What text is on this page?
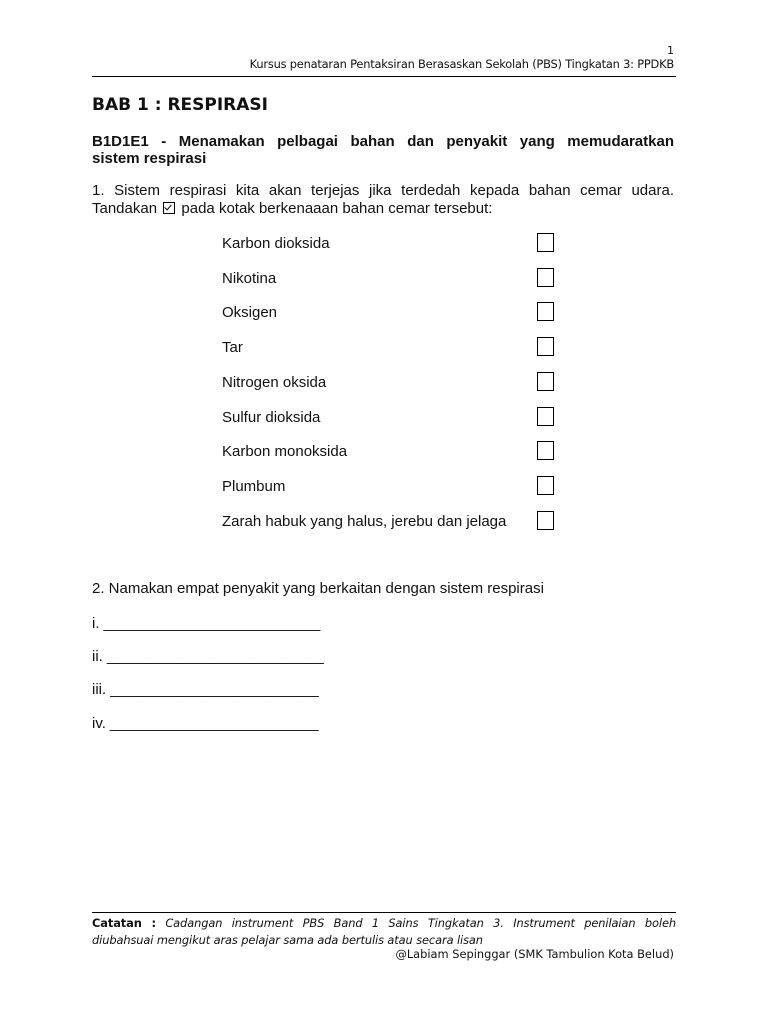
1
Kursus penataran Pentaksiran Berasaskan Sekolah (PBS) Tingkatan 3: PPDKB
BAB 1 : RESPIRASI
B1D1E1 - Menamakan pelbagai bahan dan penyakit yang memudaratkan
sistem respirasi
1. Sistem respirasi kita akan terjejas jika terdedah kepada bahan cemar udara.
Tandakan pada kotak berkenaaan bahan cemar tersebut:
Karbon dioksida
Nikotina
Oksigen
Tar
Nitrogen oksida
Sulfur dioksida
Karbon monoksida
Plumbum
Zarah habuk yang halus, jerebu dan jelaga
2. Namakan empat penyakit yang berkaitan dengan sistem respirasi
i. __________________________
ii. __________________________
iii. _________________________
iv. _________________________
Catatan : Cadangan instrument PBS Band 1 Sains Tingkatan 3. Instrument penilaian boleh
diubahsuai mengikut aras pelajar sama ada bertulis atau secara lisan
@Labiam Sepinggar (SMK Tambulion Kota Belud)
